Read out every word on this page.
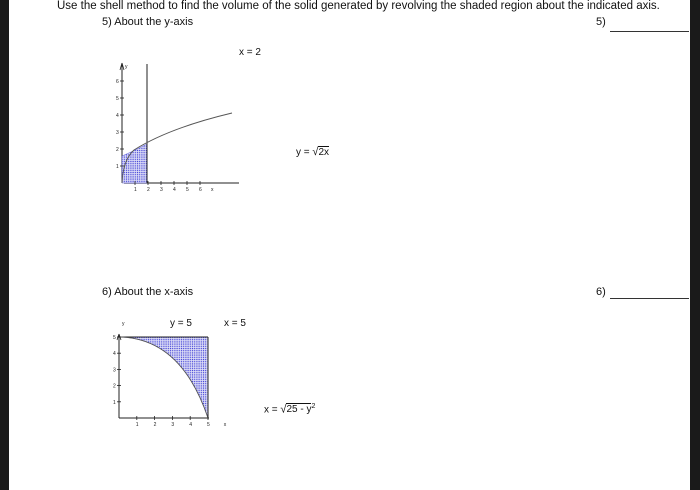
Use the shell method to find the volume of the solid generated by revolving the shaded region about the indicated axis.
5) About the y-axis	5)
1 2 3 4 5 6 x
1
2
3
4
5
6
y
1	2	3	4	5	x
1
2
3
4
5
y
x = 2
y = √2x
6) About the x-axis	6)
y = 5	x = 5
$x = √25 - y^2$
